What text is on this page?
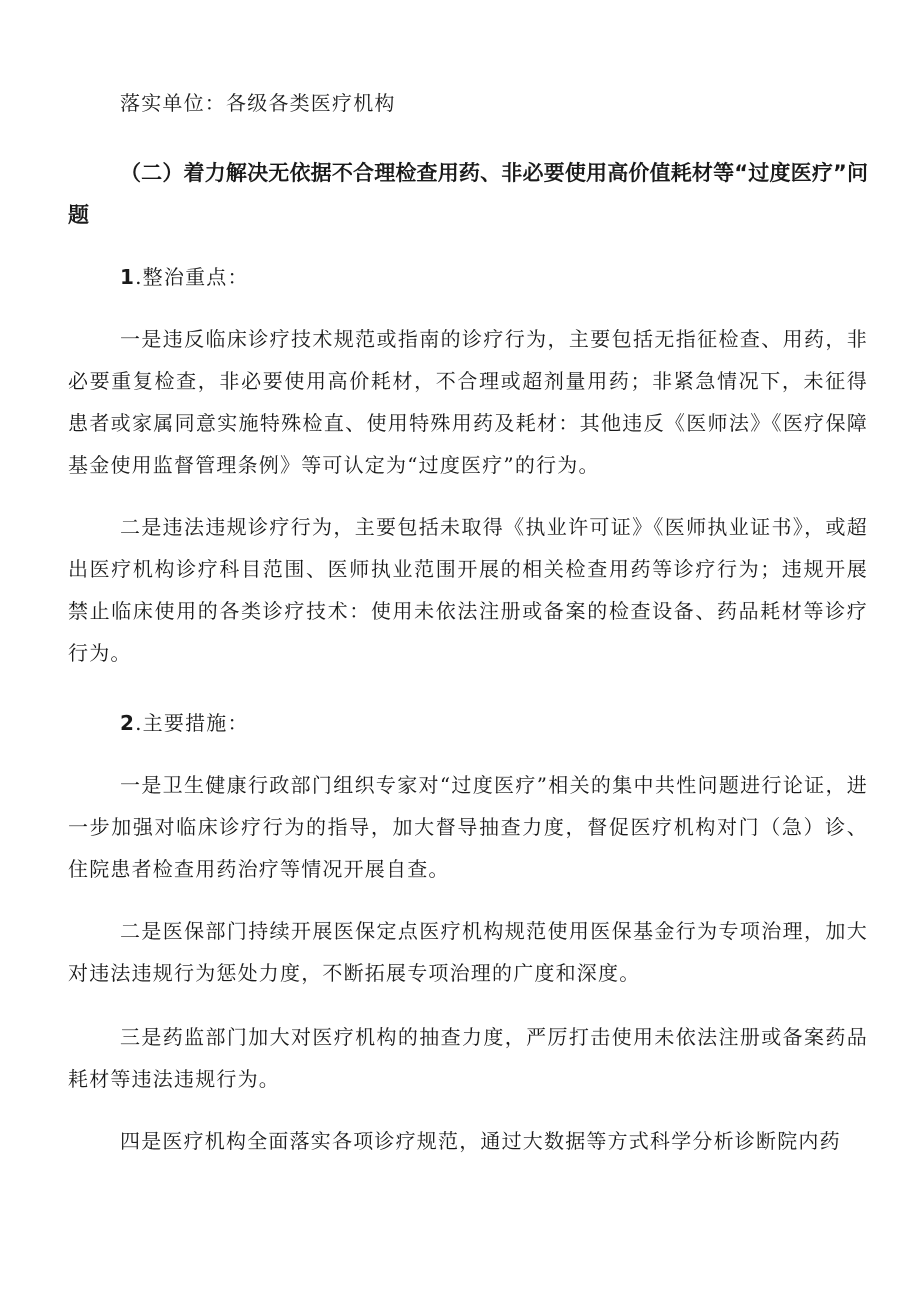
落实单位：各级各类医疗机构

（二）着力解决无依据不合理检查用药、非必要使用高价值耗材等“过度医疗”问题

1.整治重点：

一是违反临床诊疗技术规范或指南的诊疗行为，主要包括无指征检查、用药，非必要重复检查，非必要使用高价耗材，不合理或超剂量用药；非紧急情况下，未征得患者或家属同意实施特殊检直、使用特殊用药及耗材：其他违反《医师法》《医疗保障基金使用监督管理条例》等可认定为“过度医疗”的行为。

二是违法违规诊疗行为，主要包括未取得《执业许可证》《医师执业证书》，或超出医疗机构诊疗科目范围、医师执业范围开展的相关检查用药等诊疗行为；违规开展禁止临床使用的各类诊疗技术：使用未依法注册或备案的检查设备、药品耗材等诊疗行为。

2.主要措施：

一是卫生健康行政部门组织专家对“过度医疗”相关的集中共性问题进行论证，进一步加强对临床诊疗行为的指导，加大督导抽查力度，督促医疗机构对门（急）诊、住院患者检查用药治疗等情况开展自查。

二是医保部门持续开展医保定点医疗机构规范使用医保基金行为专项治理，加大对违法违规行为惩处力度，不断拓展专项治理的广度和深度。

三是药监部门加大对医疗机构的抽查力度，严厉打击使用未依法注册或备案药品耗材等违法违规行为。

四是医疗机构全面落实各项诊疗规范，通过大数据等方式科学分析诊断院内药
